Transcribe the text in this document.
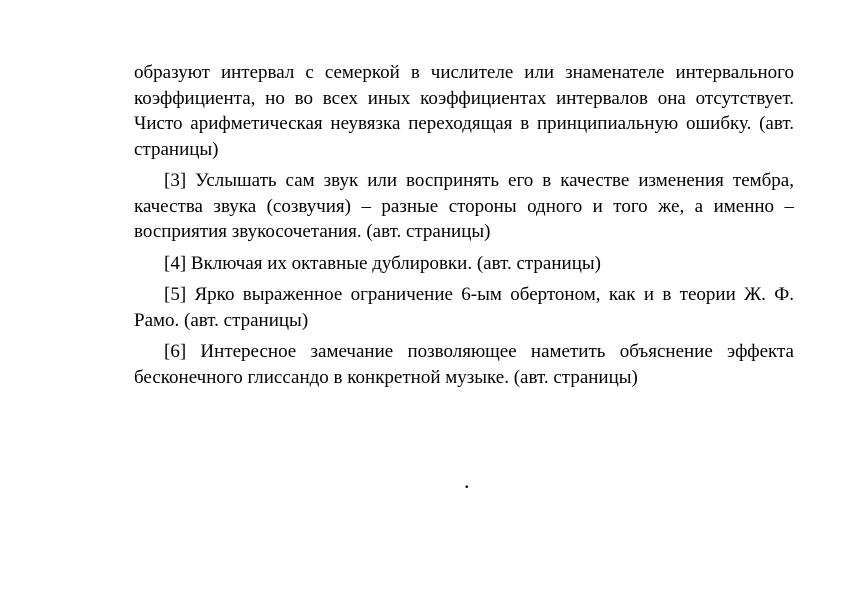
образуют интервал с семеркой в числителе или знаменателе интервального коэффициента, но во всех иных коэффициентах интервалов она отсутствует. Чисто арифметическая неувязка переходящая в принципиальную ошибку. (авт. страницы)

[3] Услышать сам звук или воспринять его в качестве изменения тембра, качества звука (созвучия) – разные стороны одного и того же, а именно – восприятия звукосочетания. (авт. страницы)

[4] Включая их октавные дублировки. (авт. страницы)

[5] Ярко выраженное ограничение 6-ым обертоном, как и в теории Ж. Ф. Рамо. (авт. страницы)

[6] Интересное замечание позволяющее наметить объяснение эффекта бесконечного глиссандо в конкретной музыке. (авт. страницы)

.
